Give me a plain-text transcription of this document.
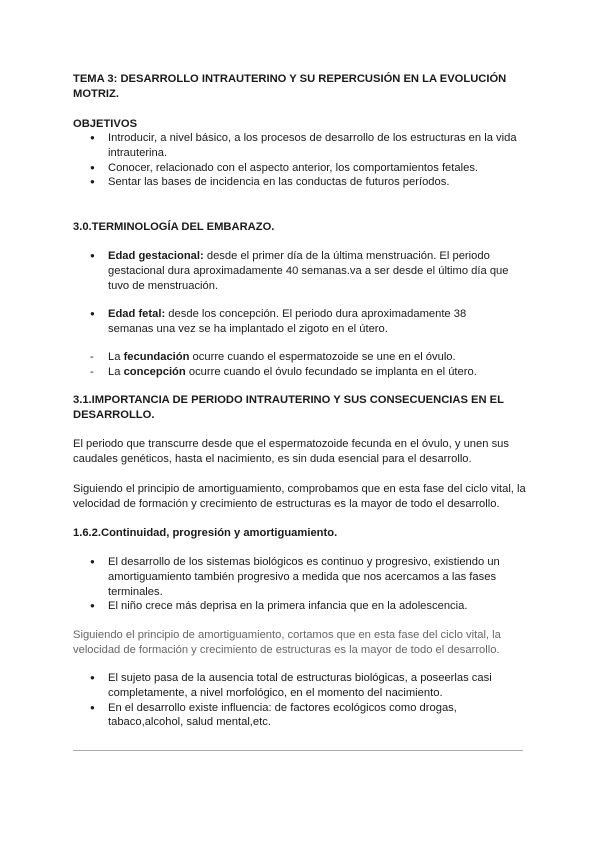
TEMA 3: DESARROLLO INTRAUTERINO Y SU REPERCUSIÓN EN LA EVOLUCIÓN MOTRIZ.
OBJETIVOS
● Introducir, a nivel básico, a los procesos de desarrollo de los estructuras en la vida intrauterina.
● Conocer, relacionado con el aspecto anterior, los comportamientos fetales.
● Sentar las bases de incidencia en las conductas de futuros períodos.
3.0.TERMINOLOGÍA DEL EMBARAZO.
● Edad gestacional: desde el primer día de la última menstruación. El periodo gestacional dura aproximadamente 40 semanas.va a ser desde el último día que tuvo de menstruación.
● Edad fetal: desde los concepción. El periodo dura aproximadamente 38 semanas una vez se ha implantado el zigoto en el útero.
- La fecundación ocurre cuando el espermatozoide se une en el óvulo.
- La concepción ocurre cuando el óvulo fecundado se implanta en el útero.
3.1.IMPORTANCIA DE PERIODO INTRAUTERINO Y SUS CONSECUENCIAS EN EL DESARROLLO.
El periodo que transcurre desde que el espermatozoide fecunda en el óvulo, y unen sus caudales genéticos, hasta el nacimiento, es sin duda esencial para el desarrollo.
Siguiendo el principio de amortiguamiento, comprobamos que en esta fase del ciclo vital, la velocidad de formación y crecimiento de estructuras es la mayor de todo el desarrollo.
1.6.2.Continuidad, progresión y amortiguamiento.
● El desarrollo de los sistemas biológicos es continuo y progresivo, existiendo un amortiguamiento también progresivo a medida que nos acercamos a las fases terminales.
● El niño crece más deprisa en la primera infancia que en la adolescencia.
Siguiendo el principio de amortiguamiento, cortamos que en esta fase del ciclo vital, la velocidad de formación y crecimiento de estructuras es la mayor de todo el desarrollo.
● El sujeto pasa de la ausencia total de estructuras biológicas, a poseerlas casi completamente, a nivel morfológico, en el momento del nacimiento.
● En el desarrollo existe influencia: de factores ecológicos como drogas, tabaco,alcohol, salud mental,etc.
